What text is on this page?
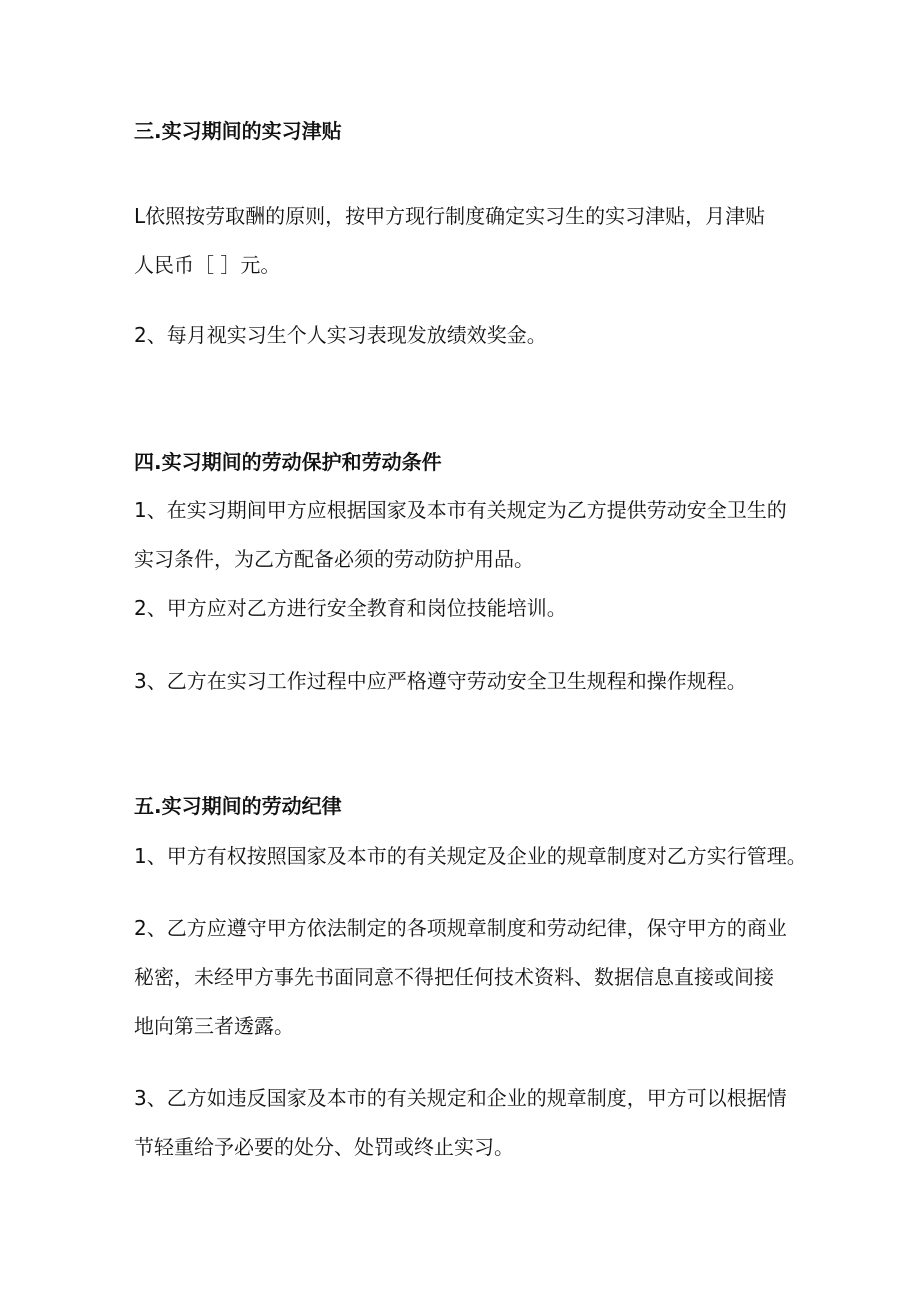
三.实习期间的实习津贴
L依照按劳取酬的原则，按甲方现行制度确定实习生的实习津贴，月津贴
人民币［ ］元。
2、每月视实习生个人实习表现发放绩效奖金。
四.实习期间的劳动保护和劳动条件
1、在实习期间甲方应根据国家及本市有关规定为乙方提供劳动安全卫生的
实习条件，为乙方配备必须的劳动防护用品。
2、甲方应对乙方进行安全教育和岗位技能培训。
3、乙方在实习工作过程中应严格遵守劳动安全卫生规程和操作规程。
五.实习期间的劳动纪律
1、甲方有权按照国家及本市的有关规定及企业的规章制度对乙方实行管理。
2、乙方应遵守甲方依法制定的各项规章制度和劳动纪律，保守甲方的商业
秘密，未经甲方事先书面同意不得把任何技术资料、数据信息直接或间接
地向第三者透露。
3、乙方如违反国家及本市的有关规定和企业的规章制度，甲方可以根据情
节轻重给予必要的处分、处罚或终止实习。
